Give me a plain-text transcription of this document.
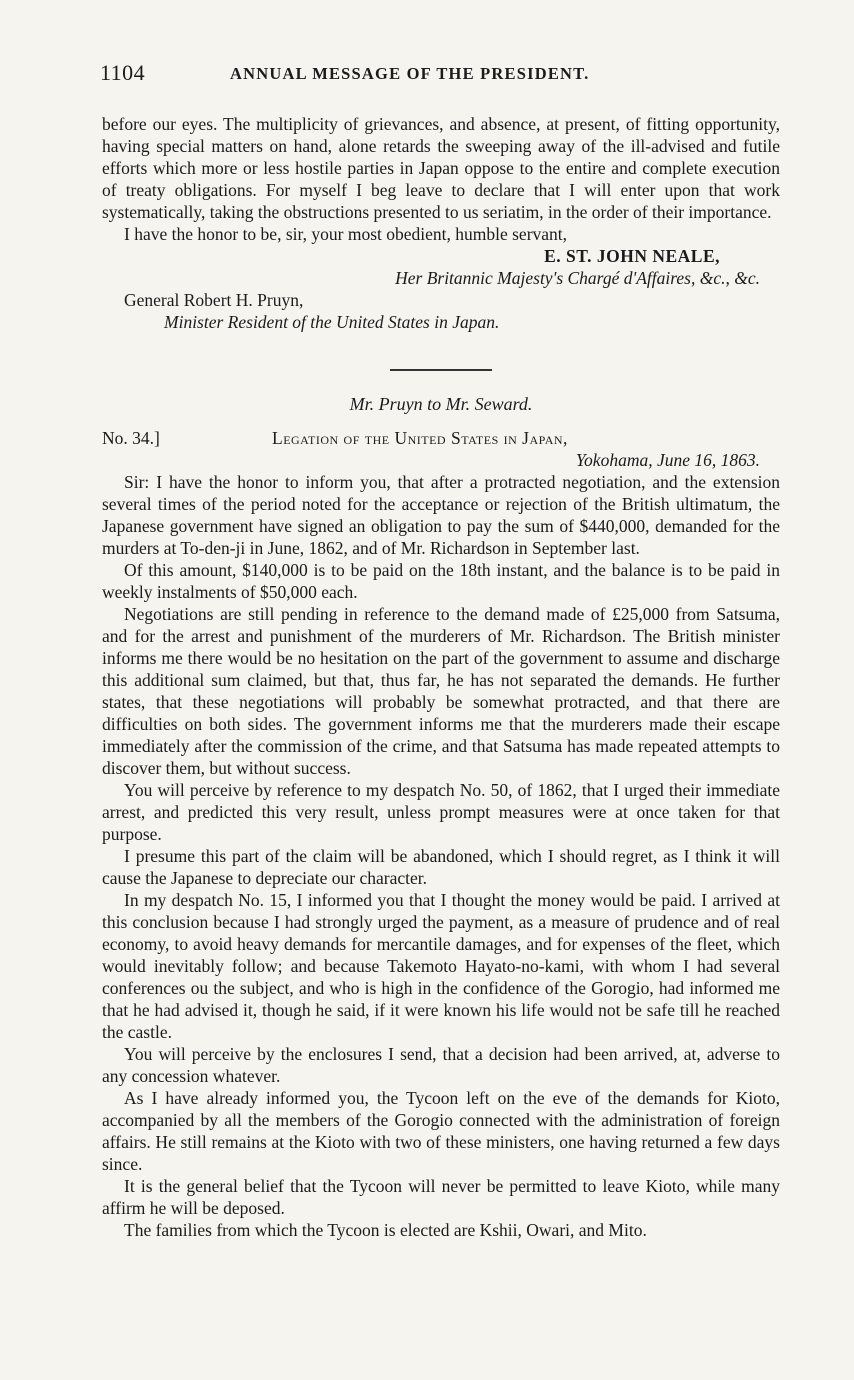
1104	ANNUAL MESSAGE OF THE PRESIDENT.

before our eyes. The multiplicity of grievances, and absence, at present, of fitting opportunity, having special matters on hand, alone retards the sweeping away of the ill-advised and futile efforts which more or less hostile parties in Japan oppose to the entire and complete execution of treaty obligations. For myself I beg leave to declare that I will enter upon that work systematically, taking the obstructions presented to us seriatim, in the order of their importance.

I have the honor to be, sir, your most obedient, humble servant,

E. ST. JOHN NEALE,

Her Britannic Majesty's Chargé d'Affaires, &c., &c.

General Robert H. Pruyn,

Minister Resident of the United States in Japan.

Mr. Pruyn to Mr. Seward.

No. 34.]	Legation of the United States in Japan,
Yokohama, June 16, 1863.

Sir: I have the honor to inform you, that after a protracted negotiation, and the extension several times of the period noted for the acceptance or rejection of the British ultimatum, the Japanese government have signed an obligation to pay the sum of $440,000, demanded for the murders at To-den-ji in June, 1862, and of Mr. Richardson in September last.

Of this amount, $140,000 is to be paid on the 18th instant, and the balance is to be paid in weekly instalments of $50,000 each.

Negotiations are still pending in reference to the demand made of £25,000 from Satsuma, and for the arrest and punishment of the murderers of Mr. Richardson. The British minister informs me there would be no hesitation on the part of the government to assume and discharge this additional sum claimed, but that, thus far, he has not separated the demands. He further states, that these negotiations will probably be somewhat protracted, and that there are difficulties on both sides. The government informs me that the murderers made their escape immediately after the commission of the crime, and that Satsuma has made repeated attempts to discover them, but without success.

You will perceive by reference to my despatch No. 50, of 1862, that I urged their immediate arrest, and predicted this very result, unless prompt measures were at once taken for that purpose.

I presume this part of the claim will be abandoned, which I should regret, as I think it will cause the Japanese to depreciate our character.

In my despatch No. 15, I informed you that I thought the money would be paid. I arrived at this conclusion because I had strongly urged the payment, as a measure of prudence and of real economy, to avoid heavy demands for mercantile damages, and for expenses of the fleet, which would inevitably follow; and because Takemoto Hayato-no-kami, with whom I had several conferences ou the subject, and who is high in the confidence of the Gorogio, had informed me that he had advised it, though he said, if it were known his life would not be safe till he reached the castle.

You will perceive by the enclosures I send, that a decision had been arrived, at, adverse to any concession whatever.

As I have already informed you, the Tycoon left on the eve of the demands for Kioto, accompanied by all the members of the Gorogio connected with the administration of foreign affairs. He still remains at the Kioto with two of these ministers, one having returned a few days since.

It is the general belief that the Tycoon will never be permitted to leave Kioto, while many affirm he will be deposed.

The families from which the Tycoon is elected are Kshii, Owari, and Mito.
